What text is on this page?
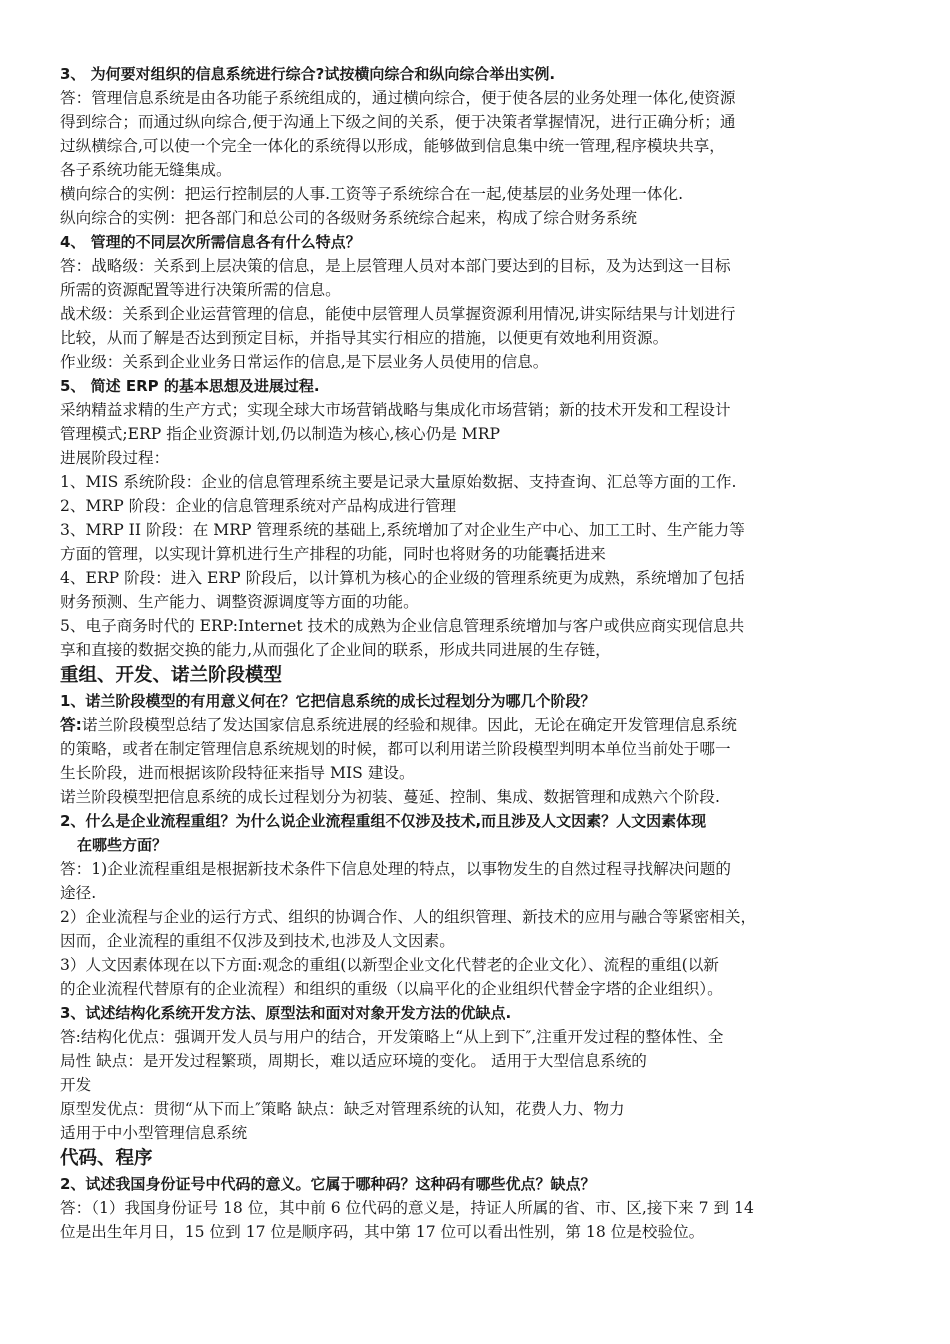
3、 为何要对组织的信息系统进行综合?试按横向综合和纵向综合举出实例.
答：管理信息系统是由各功能子系统组成的，通过横向综合，便于使各层的业务处理一体化,使资源
得到综合；而通过纵向综合,便于沟通上下级之间的关系，便于决策者掌握情况，进行正确分析；通
过纵横综合,可以使一个完全一体化的系统得以形成，能够做到信息集中统一管理,程序模块共享，
各子系统功能无缝集成。
横向综合的实例：把运行控制层的人事.工资等子系统综合在一起,使基层的业务处理一体化.
纵向综合的实例：把各部门和总公司的各级财务系统综合起来，构成了综合财务系统
4、 管理的不同层次所需信息各有什么特点？
答：战略级：关系到上层决策的信息，是上层管理人员对本部门要达到的目标，及为达到这一目标
所需的资源配置等进行决策所需的信息。
战术级：关系到企业运营管理的信息，能使中层管理人员掌握资源利用情况,讲实际结果与计划进行
比较，从而了解是否达到预定目标，并指导其实行相应的措施，以便更有效地利用资源。
作业级：关系到企业业务日常运作的信息,是下层业务人员使用的信息。
5、 简述 ERP 的基本思想及进展过程.
采纳精益求精的生产方式；实现全球大市场营销战略与集成化市场营销；新的技术开发和工程设计
管理模式;ERP 指企业资源计划,仍以制造为核心,核心仍是 MRP
进展阶段过程：
1、MIS 系统阶段：企业的信息管理系统主要是记录大量原始数据、支持查询、汇总等方面的工作.
2、MRP 阶段：企业的信息管理系统对产品构成进行管理
3、MRP II 阶段：在 MRP 管理系统的基础上,系统增加了对企业生产中心、加工工时、生产能力等
方面的管理，以实现计算机进行生产排程的功能，同时也将财务的功能囊括进来
4、ERP 阶段：进入 ERP 阶段后，以计算机为核心的企业级的管理系统更为成熟，系统增加了包括
财务预测、生产能力、调整资源调度等方面的功能。
5、电子商务时代的 ERP:Internet 技术的成熟为企业信息管理系统增加与客户或供应商实现信息共
享和直接的数据交换的能力,从而强化了企业间的联系，形成共同进展的生存链，
重组、开发、诺兰阶段模型
1、诺兰阶段模型的有用意义何在？它把信息系统的成长过程划分为哪几个阶段？
答:诺兰阶段模型总结了发达国家信息系统进展的经验和规律。因此，无论在确定开发管理信息系统
的策略，或者在制定管理信息系统规划的时候，都可以利用诺兰阶段模型判明本单位当前处于哪一
生长阶段，进而根据该阶段特征来指导 MIS 建设。
诺兰阶段模型把信息系统的成长过程划分为初装、蔓延、控制、集成、数据管理和成熟六个阶段.
2、什么是企业流程重组？为什么说企业流程重组不仅涉及技术,而且涉及人文因素？人文因素体现
在哪些方面？
答：1)企业流程重组是根据新技术条件下信息处理的特点，以事物发生的自然过程寻找解决问题的
途径.
2）企业流程与企业的运行方式、组织的协调合作、人的组织管理、新技术的应用与融合等紧密相关，
因而，企业流程的重组不仅涉及到技术,也涉及人文因素。
3）人文因素体现在以下方面:观念的重组(以新型企业文化代替老的企业文化）、流程的重组(以新
的企业流程代替原有的企业流程）和组织的重级（以扁平化的企业组织代替金字塔的企业组织）。
3、试述结构化系统开发方法、原型法和面对对象开发方法的优缺点.
答:结构化优点：强调开发人员与用户的结合，开发策略上“从上到下″,注重开发过程的整体性、全
局性 缺点：是开发过程繁琐，周期长，难以适应环境的变化。 适用于大型信息系统的
开发
原型发优点：贯彻“从下而上″策略 缺点：缺乏对管理系统的认知，花费人力、物力
适用于中小型管理信息系统
代码、程序
2、试述我国身份证号中代码的意义。它属于哪种码？这种码有哪些优点？缺点？
答：（1）我国身份证号 18 位，其中前 6 位代码的意义是，持证人所属的省、市、区,接下来 7 到 14
位是出生年月日，15 位到 17 位是顺序码，其中第 17 位可以看出性别，第 18 位是校验位。
